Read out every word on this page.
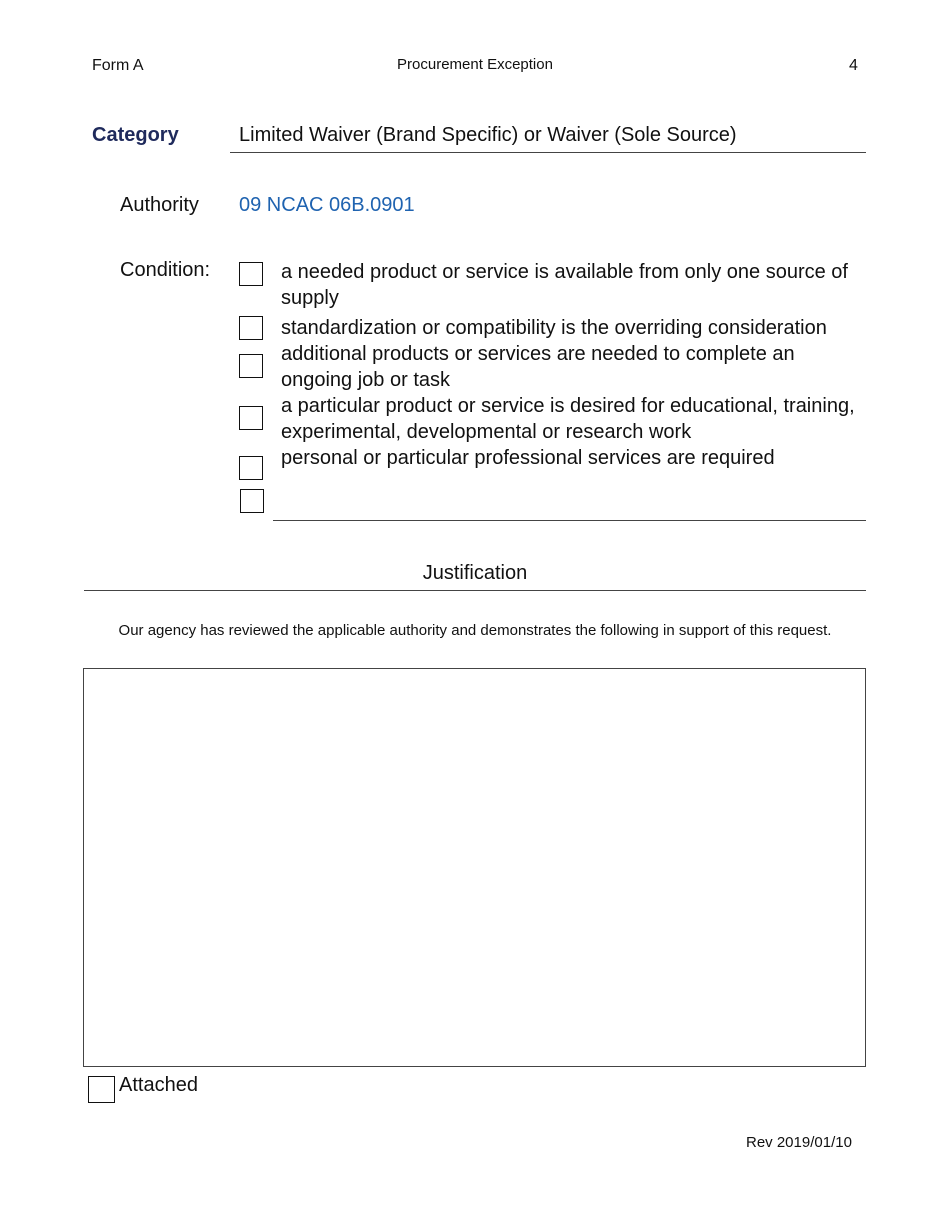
Form A	Procurement Exception	4
Category	Limited Waiver (Brand Specific) or Waiver (Sole Source)
Authority 09 NCAC 06B.0901
Condition:	a needed product or service is available from only one source of supply
standardization or compatibility is the overriding consideration
additional products or services are needed to complete an ongoing job or task
a particular product or service is desired for educational, training, experimental, developmental or research work
personal or particular professional services are required
Justification
Our agency has reviewed the applicable authority and demonstrates the following in support of this request.
Attached
Rev 2019/01/10
